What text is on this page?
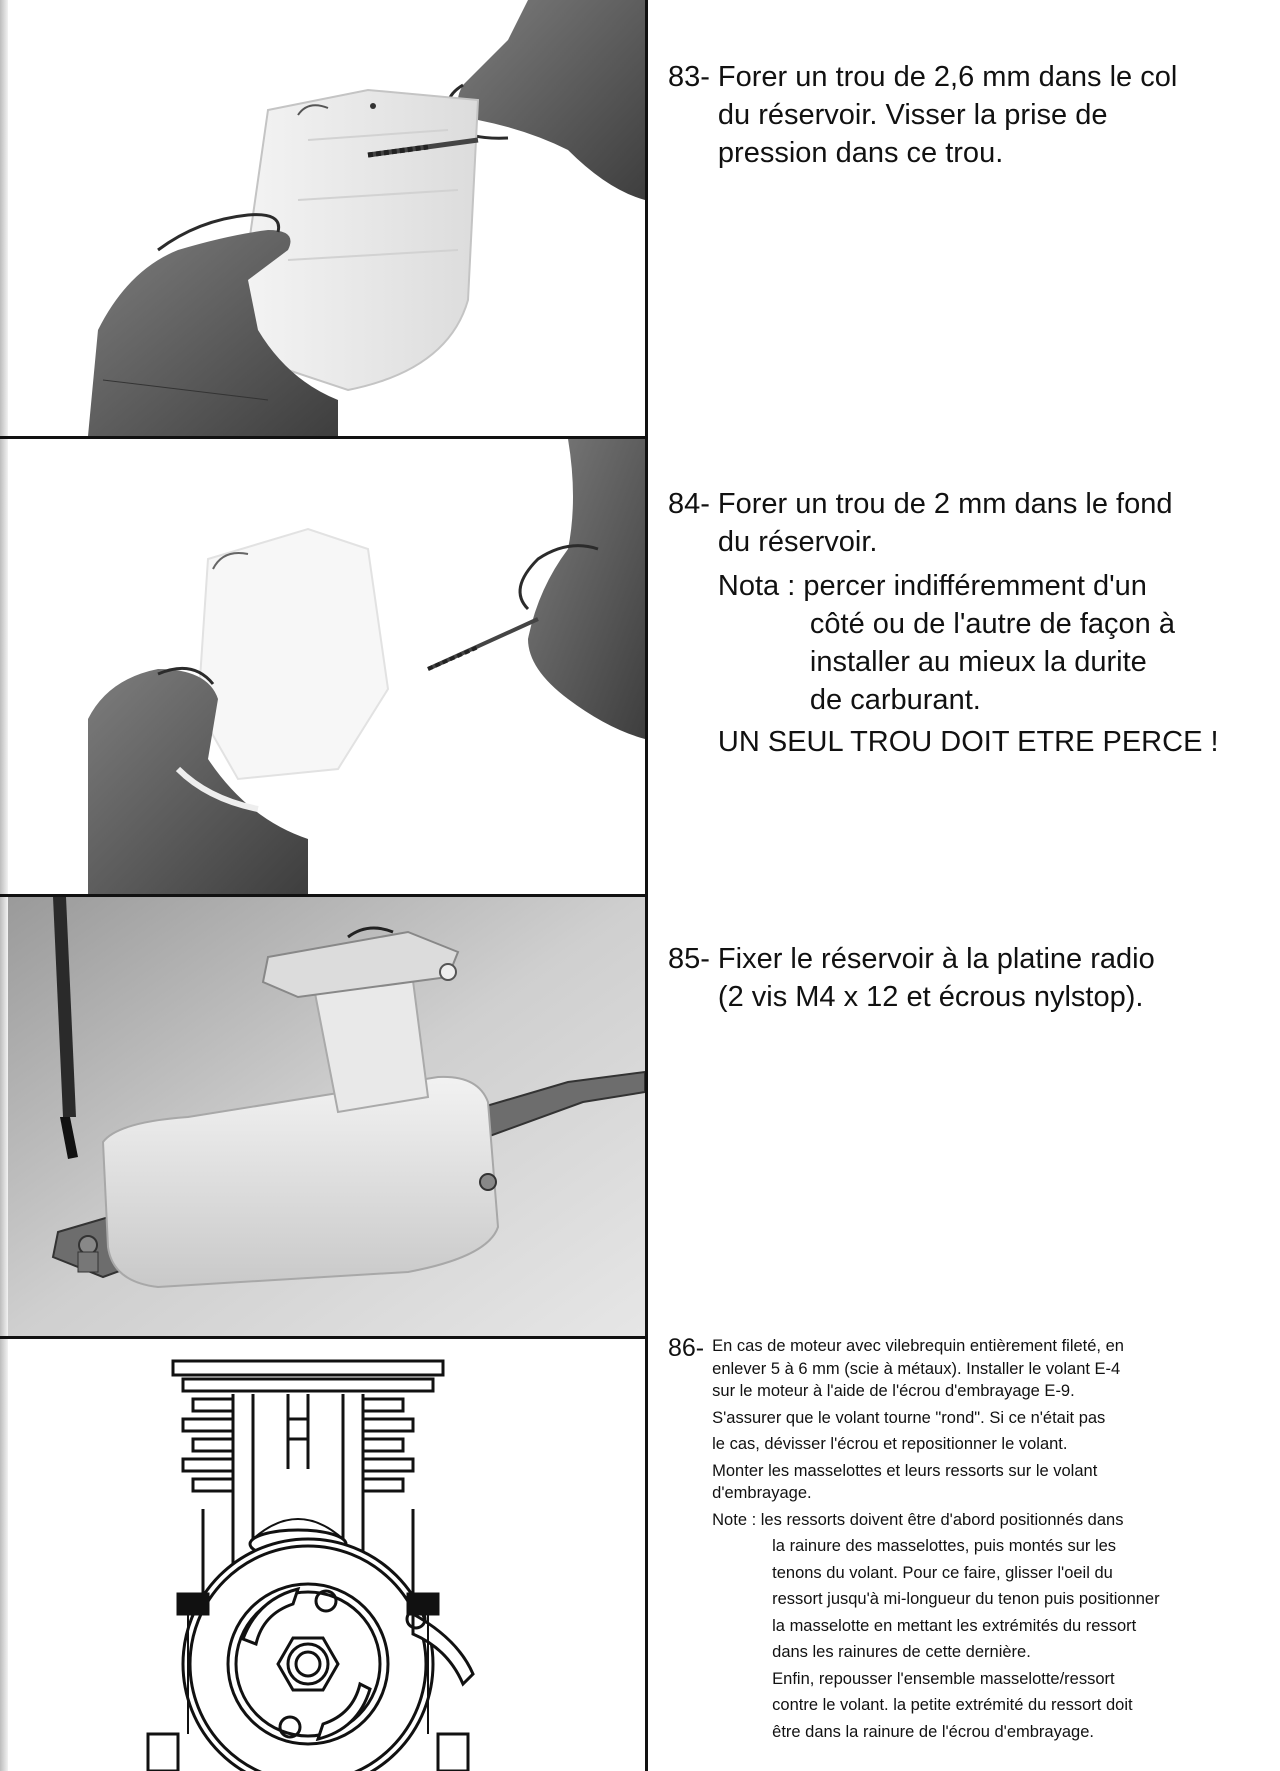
83- Forer un trou de 2,6 mm dans le col
du réservoir. Visser la prise de
pression dans ce trou.
84- Forer un trou de 2 mm dans le fond
du réservoir.
Nota : percer indifféremment d'un
côté ou de l'autre de façon à
installer au mieux la durite
de carburant.
UN SEUL TROU DOIT ETRE PERCE !
85- Fixer le réservoir à la platine radio
(2 vis M4 x 12 et écrous nylstop).
86- En cas de moteur avec vilebrequin entièrement fileté, en
enlever 5 à 6 mm (scie à métaux). Installer le volant E-4
sur le moteur à l'aide de l'écrou d'embrayage E-9.
S'assurer que le volant tourne "rond". Si ce n'était pas
le cas, dévisser l'écrou et repositionner le volant.
Monter les masselottes et leurs ressorts sur le volant
d'embrayage.
Note : les ressorts doivent être d'abord positionnés dans
la rainure des masselottes, puis montés sur les
tenons du volant. Pour ce faire, glisser l'oeil du
ressort jusqu'à mi-longueur du tenon puis positionner
la masselotte en mettant les extrémités du ressort
dans les rainures de cette dernière.
Enfin, repousser l'ensemble masselotte/ressort
contre le volant. la petite extrémité du ressort doit
être dans la rainure de l'écrou d'embrayage.
